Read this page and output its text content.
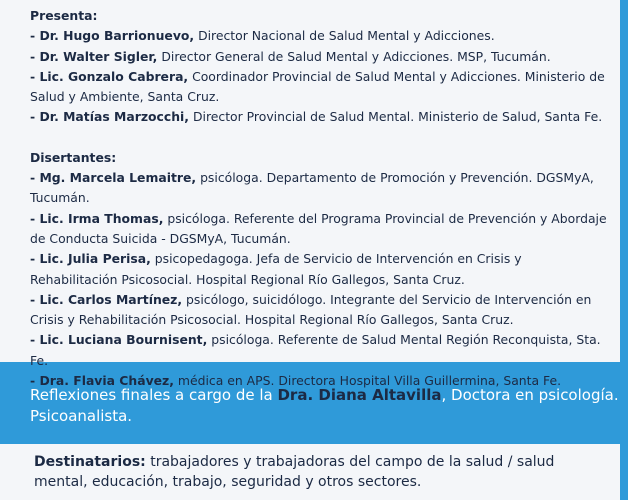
Presenta:
- Dr. Hugo Barrionuevo, Director Nacional de Salud Mental y Adicciones.
- Dr. Walter Sigler, Director General de Salud Mental y Adicciones. MSP, Tucumán.
- Lic. Gonzalo Cabrera, Coordinador Provincial de Salud Mental y Adicciones. Ministerio de Salud y Ambiente, Santa Cruz.
- Dr. Matías Marzocchi, Director Provincial de Salud Mental. Ministerio de Salud, Santa Fe.
Disertantes:
- Mg. Marcela Lemaitre, psicóloga. Departamento de Promoción y Prevención. DGSMyA, Tucumán.
- Lic. Irma Thomas, psicóloga. Referente del Programa Provincial de Prevención y Abordaje de Conducta Suicida - DGSMyA, Tucumán.
- Lic. Julia Perisa, psicopedagoga. Jefa de Servicio de Intervención en Crisis y Rehabilitación Psicosocial. Hospital Regional Río Gallegos, Santa Cruz.
- Lic. Carlos Martínez, psicólogo, suicidólogo. Integrante del Servicio de Intervención en Crisis y Rehabilitación Psicosocial. Hospital Regional Río Gallegos, Santa Cruz.
- Lic. Luciana Bournisent, psicóloga. Referente de Salud Mental Región Reconquista, Sta. Fe.
- Dra. Flavia Chávez, médica en APS. Directora Hospital Villa Guillermina, Santa Fe.
Reflexiones finales a cargo de la Dra. Diana Altavilla, Doctora en psicología. Psicoanalista.
Destinatarios: trabajadores y trabajadoras del campo de la salud / salud mental, educación, trabajo, seguridad y otros sectores.
